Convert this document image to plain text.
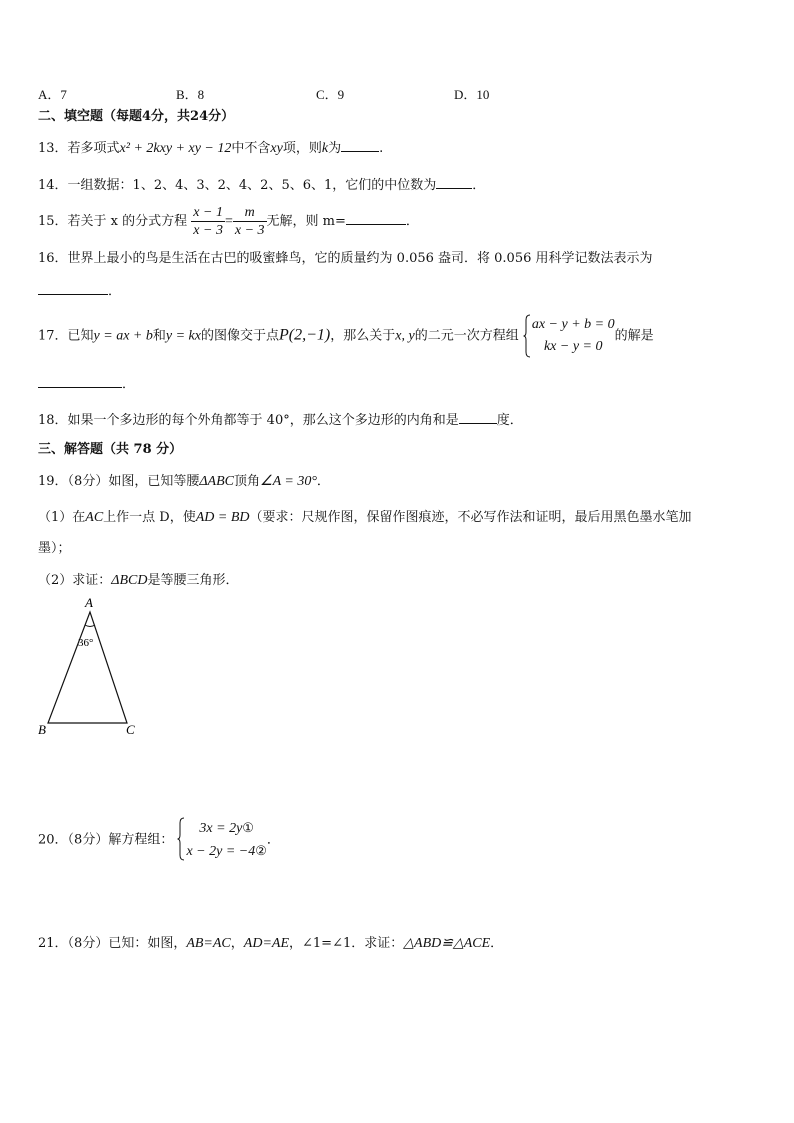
A．7	B．8	C．9	D．10
二、填空题（每题4分，共24分）
13．若多项式x² + 2kxy + xy − 12中不含xy项，则k为	.
14．一组数据：1、2、4、3、2、4、2、5、6、1，它们的中位数为	．
15．若关于 x 的分式方程 $\frac{x - 1}{x - 3} = \frac{m}{x - 3}$ 无解，则 m=	．
16．世界上最小的鸟是生活在古巴的吸蜜蜂鸟，它的质量约为 0.056 盎司．将 0.056 用科学记数法表示为
．
17．已知y = ax + b和y = kx的图像交于点P(2,−1)，那么关于x, y的二元一次方程组
ax − y + b = 0
kx − y = 0
的解是
．
18．如果一个多边形的每个外角都等于 40°，那么这个多边形的内角和是	度．
三、解答题（共 78 分）
19．（8分）如图，已知等腰ΔABC顶角∠A = 30°．
（1）在AC上作一点 D，使AD = BD（要求：尺规作图，保留作图痕迹，不必写作法和证明，最后用黑色墨水笔加
墨）；
（2）求证：ΔBCD是等腰三角形．
A
B	C
36°
20．（8分）解方程组：
3x = 2y①
x − 2y = −4②
．
21．（8分）已知：如图，AB=AC，AD=AE，∠1=∠1．求证：△ABD≌△ACE．
